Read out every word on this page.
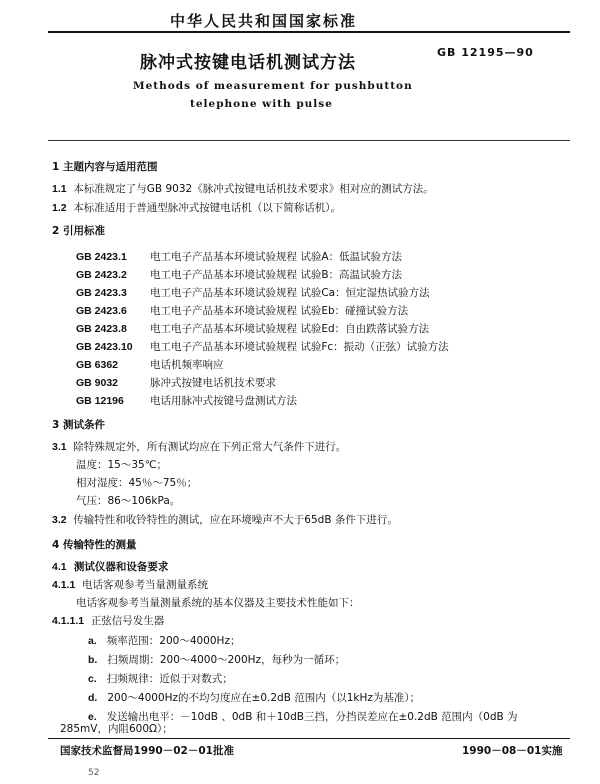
中华人民共和国国家标准
脉冲式按键电话机测试方法
GB 12195—90
Methods of measurement for pushbutton
telephone with pulse
1 主题内容与适用范围
1.1 本标准规定了与GB 9032《脉冲式按键电话机技术要求》相对应的测试方法。
1.2 本标准适用于普通型脉冲式按键电话机（以下简称话机）。
2 引用标准
GB 2423.1 电工电子产品基本环境试验规程 试验A：低温试验方法
GB 2423.2 电工电子产品基本环境试验规程 试验B：高温试验方法
GB 2423.3 电工电子产品基本环境试验规程 试验Ca：恒定湿热试验方法
GB 2423.6 电工电子产品基本环境试验规程 试验Eb：碰撞试验方法
GB 2423.8 电工电子产品基本环境试验规程 试验Ed：自由跌落试验方法
GB 2423.10 电工电子产品基本环境试验规程 试验Fc：振动（正弦）试验方法
GB 6362	电话机频率响应
GB 9032	脉冲式按键电话机技术要求
GB 12196 电话用脉冲式按键号盘测试方法
3 测试条件
3.1 除特殊规定外，所有测试均应在下列正常大气条件下进行。
温度：15～35℃；
相对湿度：45％～75％；
气压：86～106kPa。
3.2 传输特性和收铃特性的测试，应在环境噪声不大于65dB 条件下进行。
4 传输特性的测量
4.1 测试仪器和设备要求
4.1.1 电话客观参考当量测量系统
电话客观参考当量测量系统的基本仪器及主要技术性能如下：
4.1.1.1 正弦信号发生器
a. 频率范围：200～4000Hz；
b. 扫频周期：200～4000～200Hz，每秒为一循环；
c. 扫频规律：近似于对数式；
d. 200～4000Hz的不均匀度应在±0.2dB 范围内（以1kHz为基准）；
e. 发送输出电平：－10dB 、0dB 和＋10dB三挡，分挡误差应在±0.2dB 范围内（0dB 为
285mV，内阻600Ω）；
国家技术监督局1990－02－01批准	1990－08－01实施
52
